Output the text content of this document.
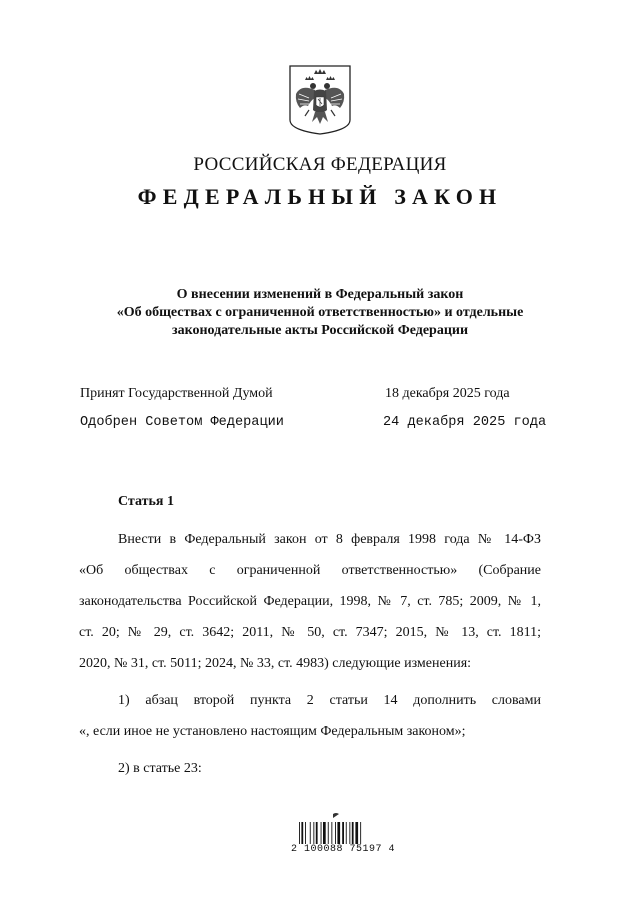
РОССИЙСКАЯ ФЕДЕРАЦИЯ
ФЕДЕРАЛЬНЫЙ ЗАКОН
О внесении изменений в Федеральный закон
«Об обществах с ограниченной ответственностью» и отдельные
законодательные акты Российской Федерации
Принят Государственной Думой	18 декабря 2025 года
Одобрен Советом Федерации	24 декабря 2025 года
Статья 1

Внести в Федеральный закон от 8 февраля 1998 года № 14-ФЗ

«Об обществах с ограниченной ответственностью» (Собрание

законодательства Российской Федерации, 1998, № 7, ст. 785; 2009, № 1,

ст. 20; № 29, ст. 3642; 2011, № 50, ст. 7347; 2015, № 13, ст. 1811;

2020, № 31, ст. 5011; 2024, № 33, ст. 4983) следующие изменения:

1) абзац второй пункта 2 статьи 14 дополнить словами

«, если иное не установлено настоящим Федеральным законом»;

2) в статье 23:

2 100088 75197 4
